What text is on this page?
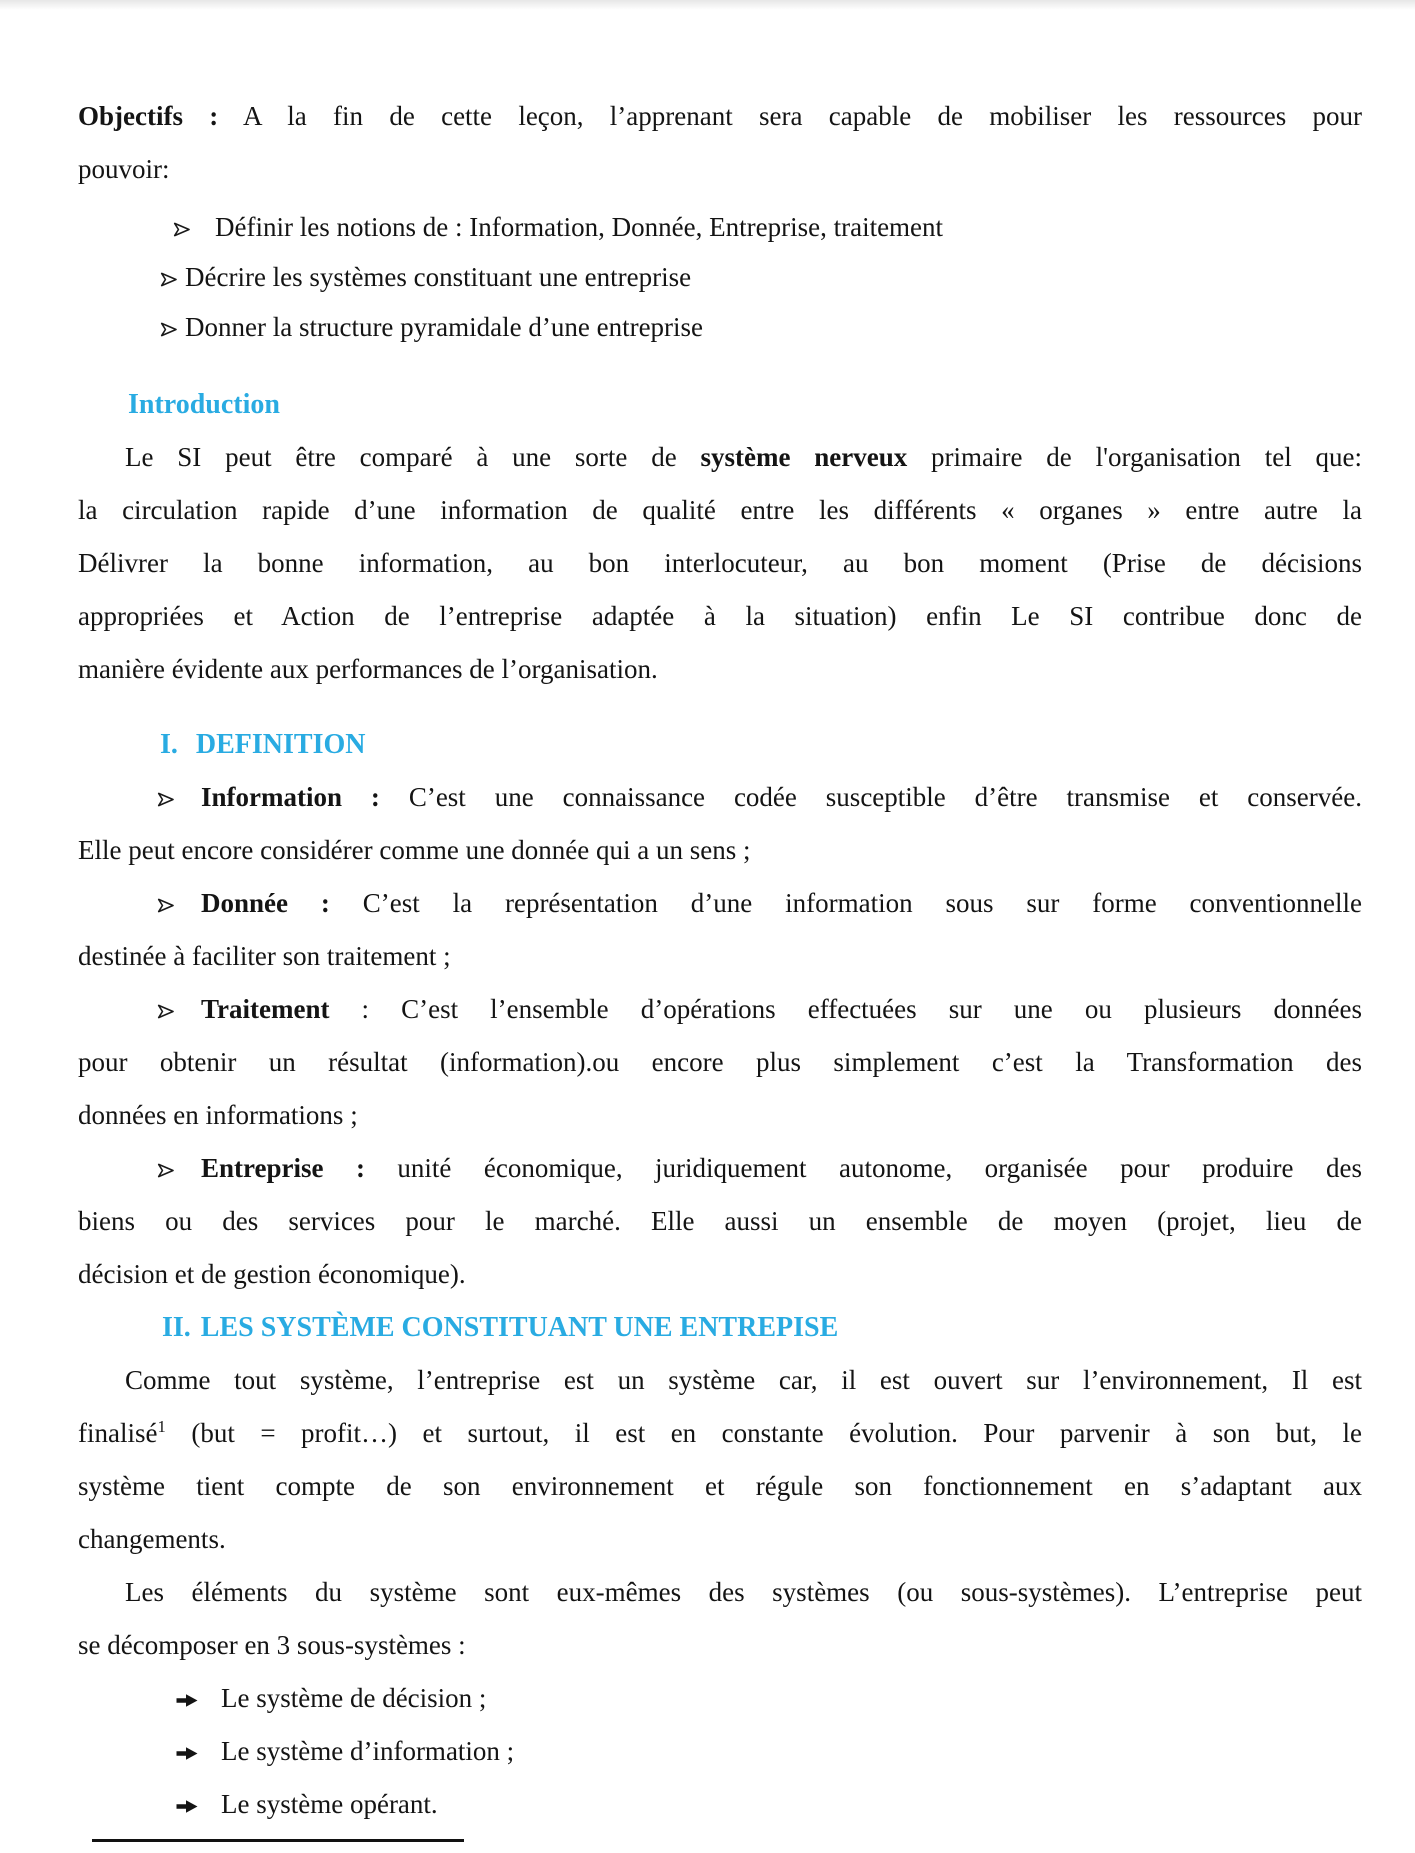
Objectifs : A la fin de cette leçon, l’apprenant sera capable de mobiliser les ressources pour
pouvoir:
Définir les notions de : Information, Donnée, Entreprise, traitement
Décrire les systèmes constituant une entreprise
Donner la structure pyramidale d’une entreprise
Introduction
Le SI peut être comparé à une sorte de système nerveux primaire de l'organisation tel que:
la circulation rapide d’une information de qualité entre les différents « organes » entre autre la
Délivrer la bonne information, au bon interlocuteur, au bon moment (Prise de décisions
appropriées et Action de l’entreprise adaptée à la situation) enfin Le SI contribue donc de
manière évidente aux performances de l’organisation.
I. DEFINITION
Information : C’est une connaissance codée susceptible d’être transmise et conservée.
Elle peut encore considérer comme une donnée qui a un sens ;
Donnée : C’est la représentation d’une information sous sur forme conventionnelle
destinée à faciliter son traitement ;
Traitement : C’est l’ensemble d’opérations effectuées sur une ou plusieurs données
pour obtenir un résultat (information).ou encore plus simplement c’est la Transformation des
données en informations ;
Entreprise : unité économique, juridiquement autonome, organisée pour produire des
biens ou des services pour le marché. Elle aussi un ensemble de moyen (projet, lieu de
décision et de gestion économique).
II. LES SYSTÈME CONSTITUANT UNE ENTREPISE
Comme tout système, l’entreprise est un système car, il est ouvert sur l’environnement, Il est
finalisé$^1$ (but = profit…) et surtout, il est en constante évolution. Pour parvenir à son but, le
système tient compte de son environnement et régule son fonctionnement en s’adaptant aux
changements.
Les éléments du système sont eux-mêmes des systèmes (ou sous-systèmes). L’entreprise peut
se décomposer en 3 sous-systèmes :
Le système de décision ;
Le système d’information ;
Le système opérant.
